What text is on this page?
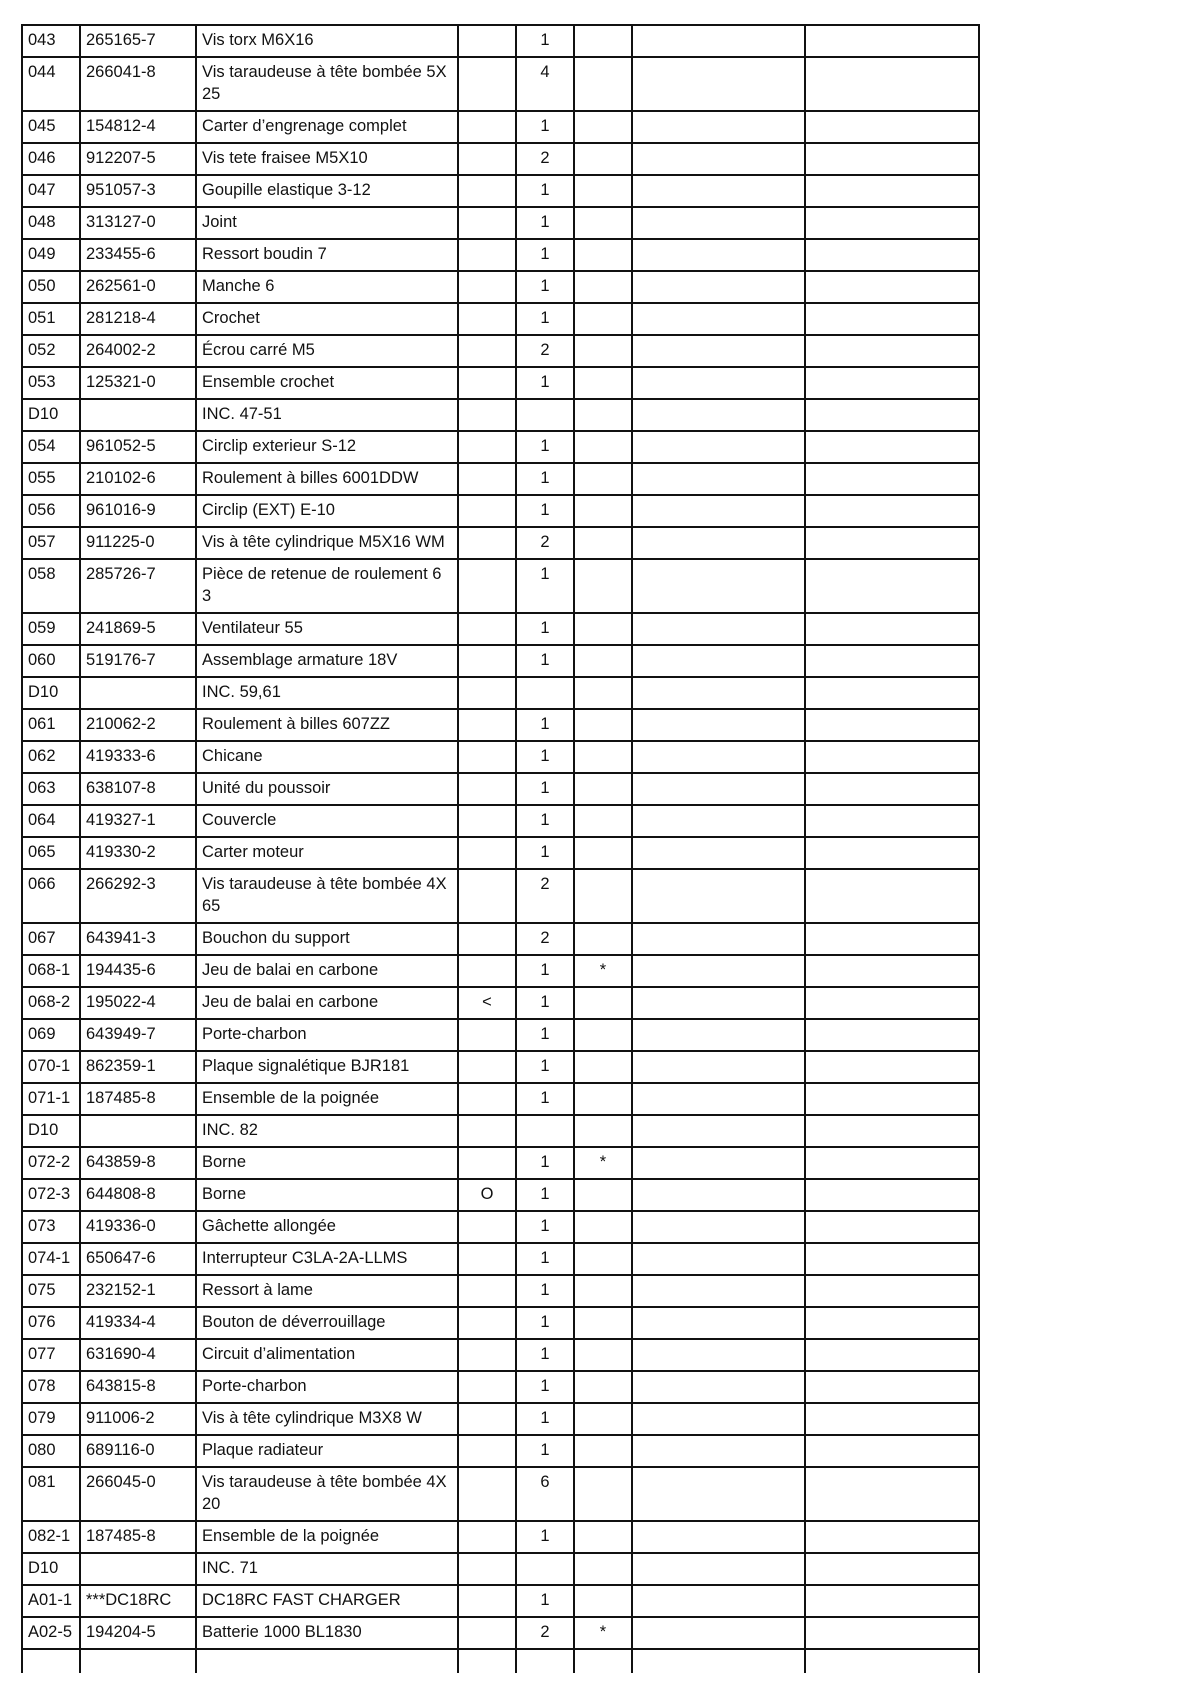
043	265165-7	Vis torx M6X16		1			
044	266041-8	Vis taraudeuse à tête bombée 5X 25		4			
045	154812-4	Carter d’engrenage complet		1			
046	912207-5	Vis tete fraisee M5X10		2			
047	951057-3	Goupille elastique 3-12		1			
048	313127-0	Joint		1			
049	233455-6	Ressort boudin 7		1			
050	262561-0	Manche 6		1			
051	281218-4	Crochet		1			
052	264002-2	Écrou carré M5		2			
053	125321-0	Ensemble crochet		1			
D10		INC. 47-51					
054	961052-5	Circlip exterieur S-12		1			
055	210102-6	Roulement à billes 6001DDW		1			
056	961016-9	Circlip (EXT) E-10		1			
057	911225-0	Vis à tête cylindrique M5X16 WM		2			
058	285726-7	Pièce de retenue de roulement 6 3		1			
059	241869-5	Ventilateur 55		1			
060	519176-7	Assemblage armature 18V		1			
D10		INC. 59,61					
061	210062-2	Roulement à billes 607ZZ		1			
062	419333-6	Chicane		1			
063	638107-8	Unité du poussoir		1			
064	419327-1	Couvercle		1			
065	419330-2	Carter moteur		1			
066	266292-3	Vis taraudeuse à tête bombée 4X 65		2			
067	643941-3	Bouchon du support		2			
068-1	194435-6	Jeu de balai en carbone		1	*		
068-2	195022-4	Jeu de balai en carbone	<	1			
069	643949-7	Porte-charbon		1			
070-1	862359-1	Plaque signalétique BJR181		1			
071-1	187485-8	Ensemble de la poignée		1			
D10		INC. 82					
072-2	643859-8	Borne		1	*		
072-3	644808-8	Borne	O	1			
073	419336-0	Gâchette allongée		1			
074-1	650647-6	Interrupteur C3LA-2A-LLMS		1			
075	232152-1	Ressort à lame		1			
076	419334-4	Bouton de déverrouillage		1			
077	631690-4	Circuit d’alimentation		1			
078	643815-8	Porte-charbon		1			
079	911006-2	Vis à tête cylindrique M3X8 W		1			
080	689116-0	Plaque radiateur		1			
081	266045-0	Vis taraudeuse à tête bombée 4X 20		6			
082-1	187485-8	Ensemble de la poignée		1			
D10		INC. 71					
A01-1	***DC18RC	DC18RC FAST CHARGER		1			
A02-5	194204-5	Batterie 1000 BL1830		2	*		
